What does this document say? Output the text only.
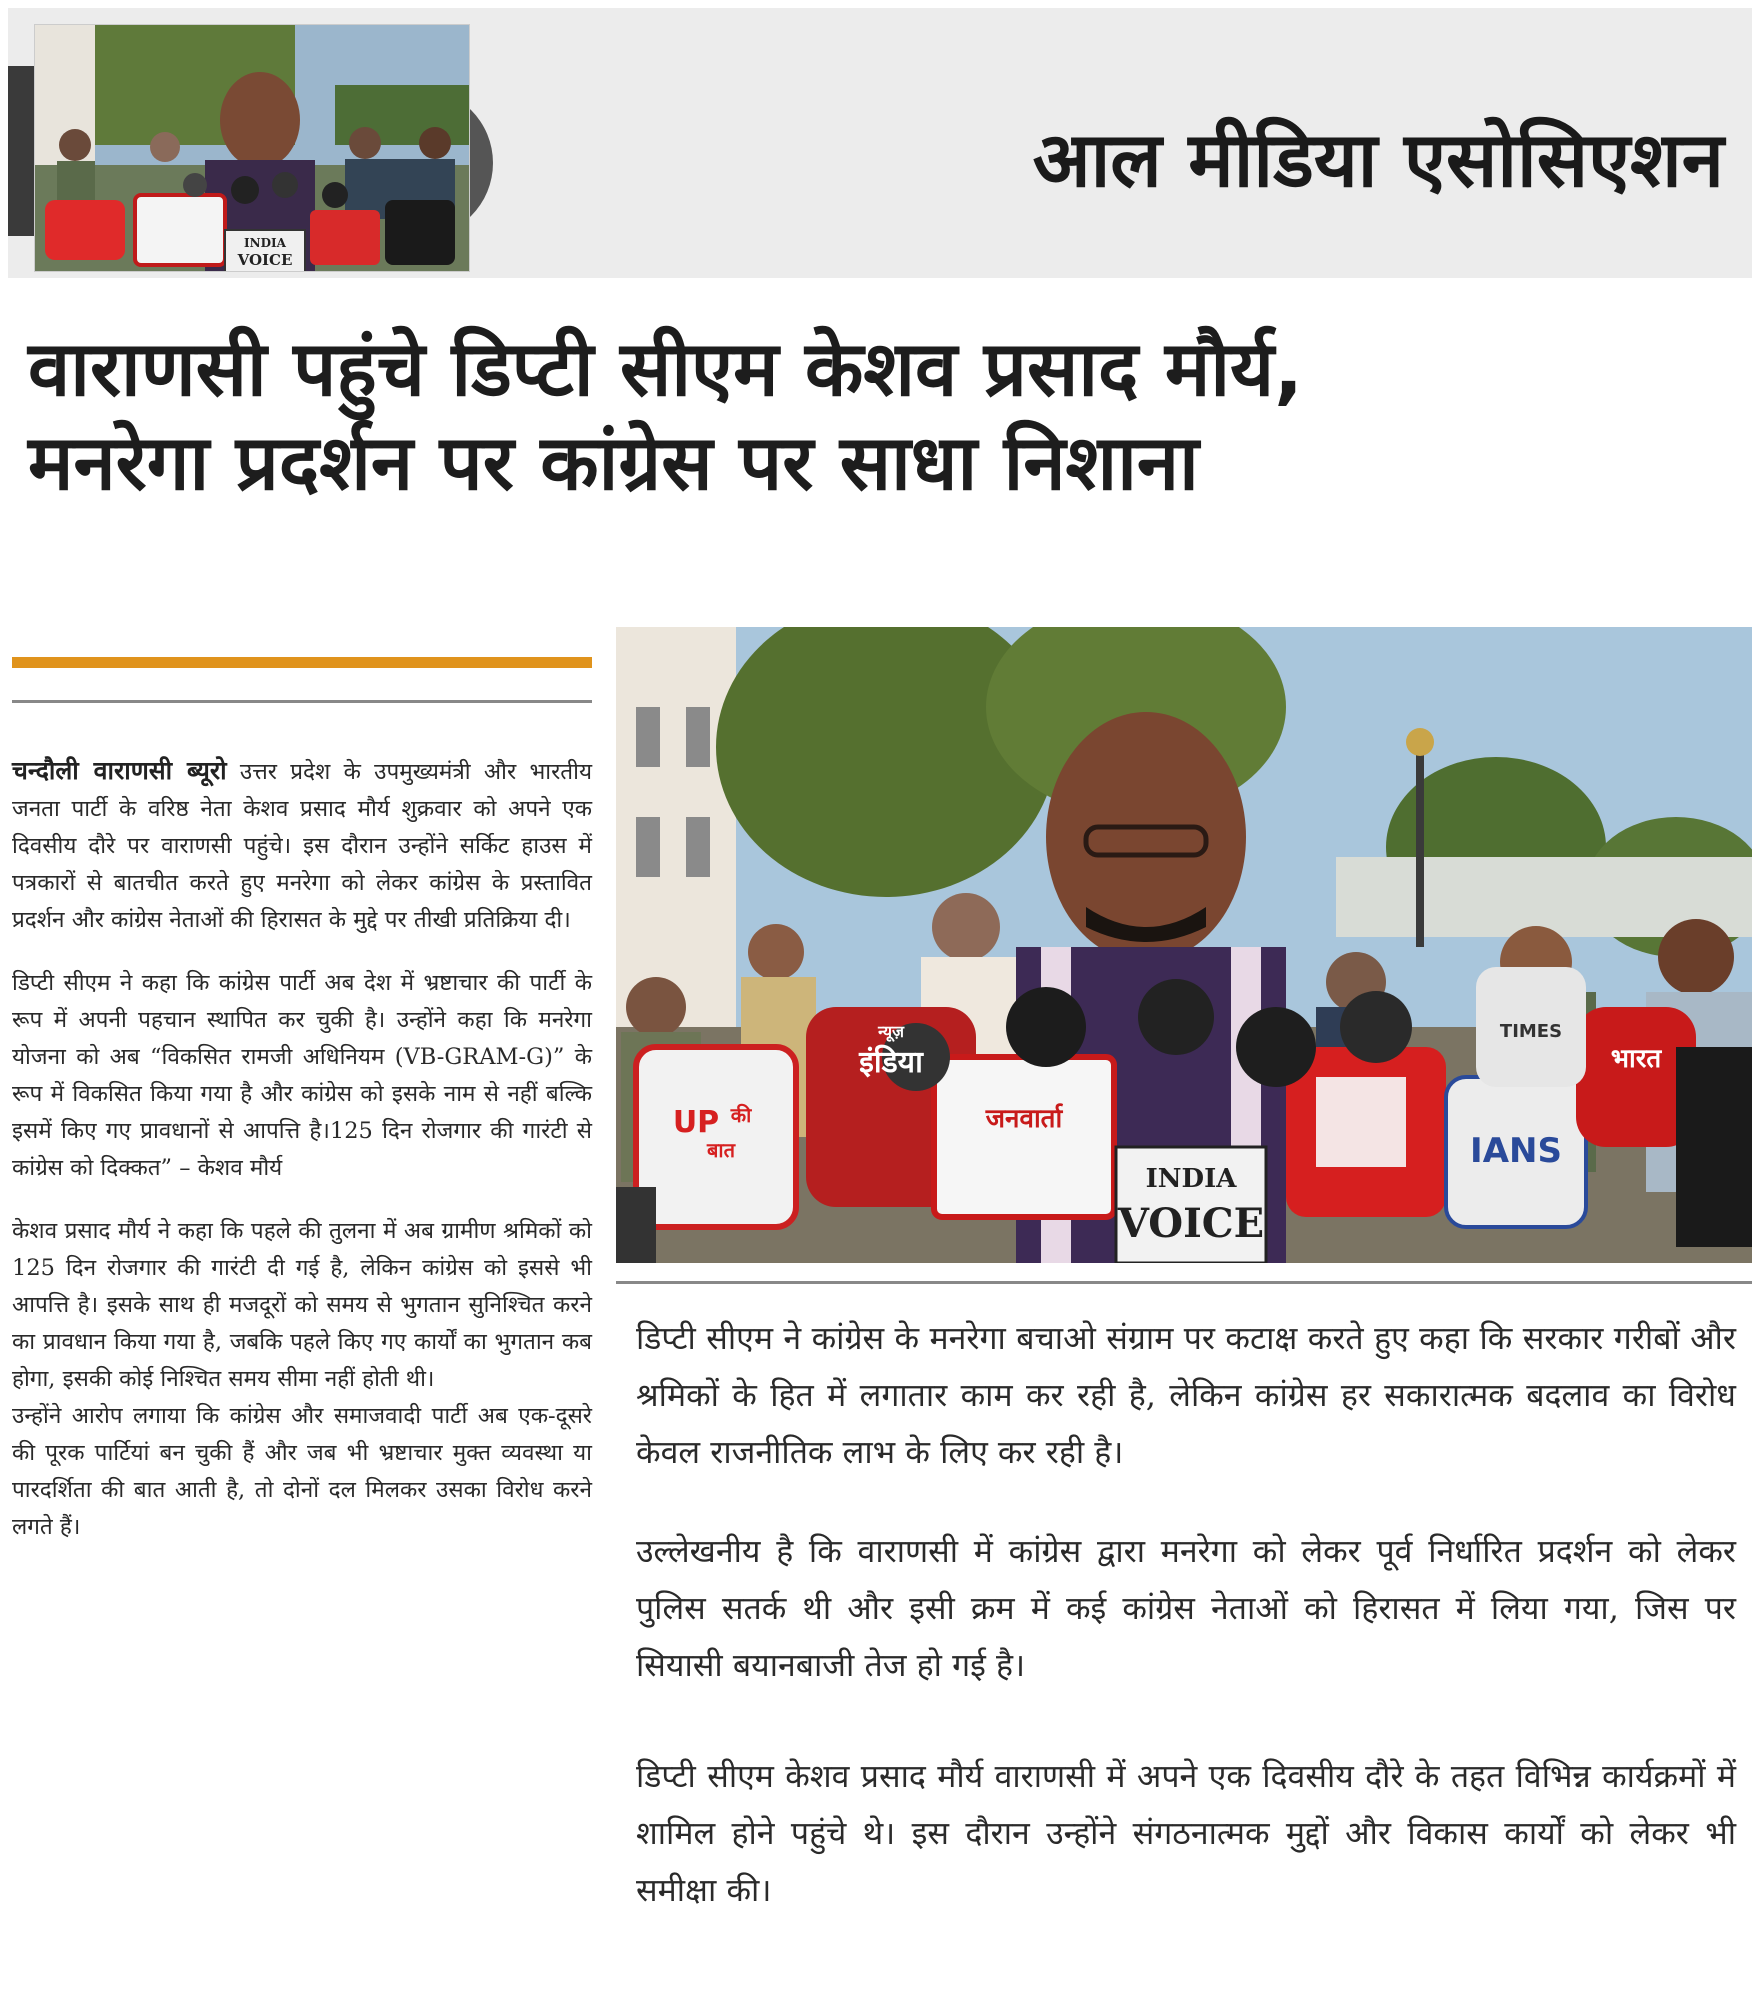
INDIA
VOICE
आल मीडिया एसोसिएशन
वाराणसी पहुंचे डिप्टी सीएम केशव प्रसाद मौर्य,
मनरेगा प्रदर्शन पर कांग्रेस पर साधा निशाना

चन्दौली वाराणसी ब्यूरो उत्तर प्रदेश के उपमुख्यमंत्री और भारतीय जनता पार्टी के वरिष्ठ नेता केशव प्रसाद मौर्य शुक्रवार को अपने एक दिवसीय दौरे पर वाराणसी पहुंचे। इस दौरान उन्होंने सर्किट हाउस में पत्रकारों से बातचीत करते हुए मनरेगा को लेकर कांग्रेस के प्रस्तावित प्रदर्शन और कांग्रेस नेताओं की हिरासत के मुद्दे पर तीखी प्रतिक्रिया दी।

डिप्टी सीएम ने कहा कि कांग्रेस पार्टी अब देश में भ्रष्टाचार की पार्टी के रूप में अपनी पहचान स्थापित कर चुकी है। उन्होंने कहा कि मनरेगा योजना को अब “विकसित रामजी अधिनियम (VB-GRAM-G)” के रूप में विकसित किया गया है और कांग्रेस को इसके नाम से नहीं बल्कि इसमें किए गए प्रावधानों से आपत्ति है।125 दिन रोजगार की गारंटी से कांग्रेस को दिक्कत” – केशव मौर्य

केशव प्रसाद मौर्य ने कहा कि पहले की तुलना में अब ग्रामीण श्रमिकों को 125 दिन रोजगार की गारंटी दी गई है, लेकिन कांग्रेस को इससे भी आपत्ति है। इसके साथ ही मजदूरों को समय से भुगतान सुनिश्चित करने का प्रावधान किया गया है, जबकि पहले किए गए कार्यों का भुगतान कब होगा, इसकी कोई निश्चित समय सीमा नहीं होती थी।

उन्होंने आरोप लगाया कि कांग्रेस और समाजवादी पार्टी अब एक-दूसरे की पूरक पार्टियां बन चुकी हैं और जब भी भ्रष्टाचार मुक्त व्यवस्था या पारदर्शिता की बात आती है, तो दोनों दल मिलकर उसका विरोध करने लगते हैं।

INDIA
VOICE
UP की
बात
न्यूज़
इंडिया
जनवार्ता
IANS
भारत
TIMES

डिप्टी सीएम ने कांग्रेस के मनरेगा बचाओ संग्राम पर कटाक्ष करते हुए कहा कि सरकार गरीबों और श्रमिकों के हित में लगातार काम कर रही है, लेकिन कांग्रेस हर सकारात्मक बदलाव का विरोध केवल राजनीतिक लाभ के लिए कर रही है।

उल्लेखनीय है कि वाराणसी में कांग्रेस द्वारा मनरेगा को लेकर पूर्व निर्धारित प्रदर्शन को लेकर पुलिस सतर्क थी और इसी क्रम में कई कांग्रेस नेताओं को हिरासत में लिया गया, जिस पर सियासी बयानबाजी तेज हो गई है।

डिप्टी सीएम केशव प्रसाद मौर्य वाराणसी में अपने एक दिवसीय दौरे के तहत विभिन्न कार्यक्रमों में शामिल होने पहुंचे थे। इस दौरान उन्होंने संगठनात्मक मुद्दों और विकास कार्यों को लेकर भी समीक्षा की।
